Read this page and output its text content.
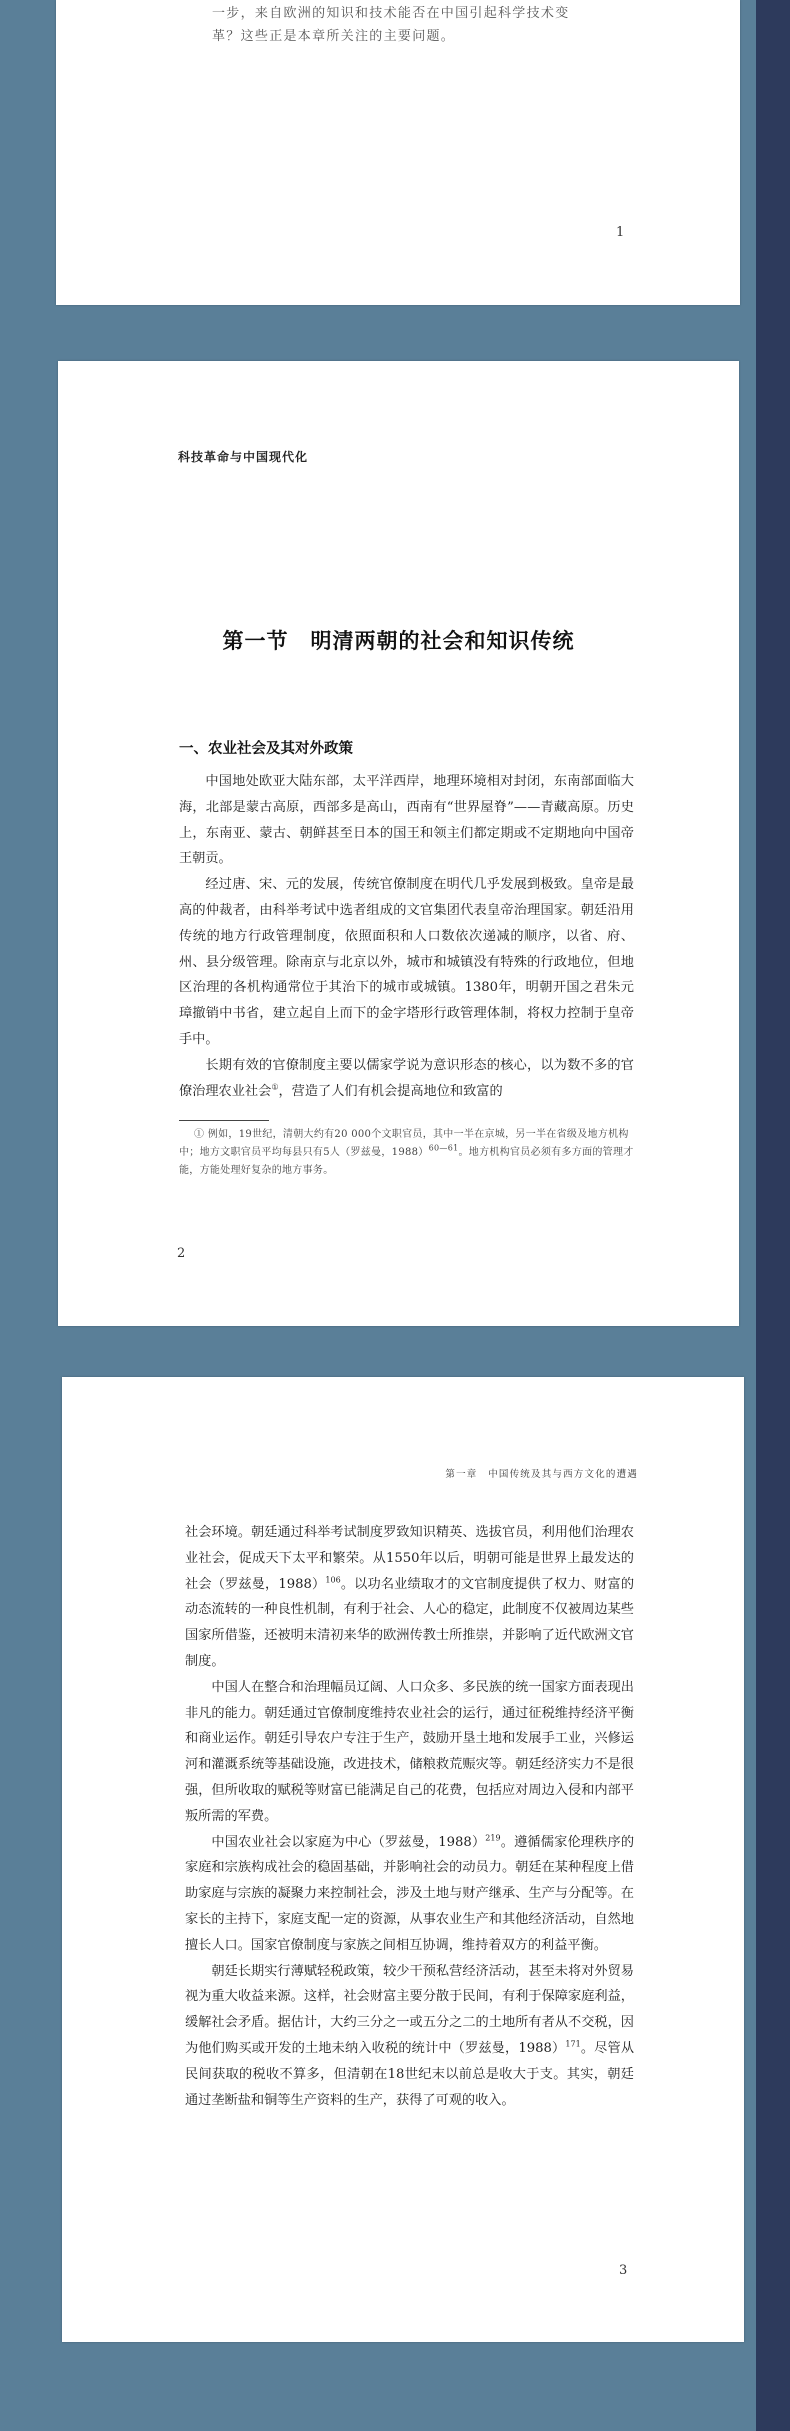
一步，来自欧洲的知识和技术能否在中国引起科学技术变

革？这些正是本章所关注的主要问题。

1
科技革命与中国现代化
第一节　明清两朝的社会和知识传统
一、农业社会及其对外政策

中国地处欧亚大陆东部，太平洋西岸，地理环境相对封闭，东南部面临大海，北部是蒙古高原，西部多是高山，西南有“世界屋脊”——青藏高原。历史上，东南亚、蒙古、朝鲜甚至日本的国王和领主们都定期或不定期地向中国帝王朝贡。

经过唐、宋、元的发展，传统官僚制度在明代几乎发展到极致。皇帝是最高的仲裁者，由科举考试中选者组成的文官集团代表皇帝治理国家。朝廷沿用传统的地方行政管理制度，依照面积和人口数依次递减的顺序，以省、府、州、县分级管理。除南京与北京以外，城市和城镇没有特殊的行政地位，但地区治理的各机构通常位于其治下的城市或城镇。1380年，明朝开国之君朱元璋撤销中书省，建立起自上而下的金字塔形行政管理体制，将权力控制于皇帝手中。

长期有效的官僚制度主要以儒家学说为意识形态的核心，以为数不多的官僚治理农业社会①，营造了人们有机会提高地位和致富的

① 例如，19世纪，清朝大约有20 000个文职官员，其中一半在京城，另一半在省级及地方机构中；地方文职官员平均每县只有5人（罗兹曼，1988）$^{60—61}$。地方机构官员必须有多方面的管理才能，方能处理好复杂的地方事务。

2
第一章　中国传统及其与西方文化的遭遇

社会环境。朝廷通过科举考试制度罗致知识精英、选拔官员，利用他们治理农业社会，促成天下太平和繁荣。从1550年以后，明朝可能是世界上最发达的社会（罗兹曼，1988）$^{106}$。以功名业绩取才的文官制度提供了权力、财富的动态流转的一种良性机制，有利于社会、人心的稳定，此制度不仅被周边某些国家所借鉴，还被明末清初来华的欧洲传教士所推崇，并影响了近代欧洲文官制度。

中国人在整合和治理幅员辽阔、人口众多、多民族的统一国家方面表现出非凡的能力。朝廷通过官僚制度维持农业社会的运行，通过征税维持经济平衡和商业运作。朝廷引导农户专注于生产，鼓励开垦土地和发展手工业，兴修运河和灌溉系统等基础设施，改进技术，储粮救荒赈灾等。朝廷经济实力不是很强，但所收取的赋税等财富已能满足自己的花费，包括应对周边入侵和内部平叛所需的军费。

中国农业社会以家庭为中心（罗兹曼，1988）$^{219}$。遵循儒家伦理秩序的家庭和宗族构成社会的稳固基础，并影响社会的动员力。朝廷在某种程度上借助家庭与宗族的凝聚力来控制社会，涉及土地与财产继承、生产与分配等。在家长的主持下，家庭支配一定的资源，从事农业生产和其他经济活动，自然地擅长人口。国家官僚制度与家族之间相互协调，维持着双方的利益平衡。

朝廷长期实行薄赋轻税政策，较少干预私营经济活动，甚至未将对外贸易视为重大收益来源。这样，社会财富主要分散于民间，有利于保障家庭利益，缓解社会矛盾。据估计，大约三分之一或五分之二的土地所有者从不交税，因为他们购买或开发的土地未纳入收税的统计中（罗兹曼，1988）$^{171}$。尽管从民间获取的税收不算多，但清朝在18世纪末以前总是收大于支。其实，朝廷通过垄断盐和铜等生产资料的生产，获得了可观的收入。

3
